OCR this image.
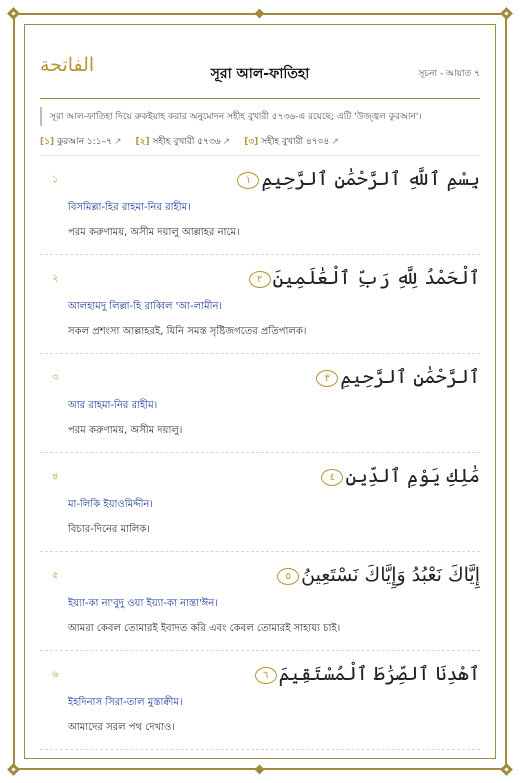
الفاتحة	সূরা আল-ফাতিহা	সূচনা - আয়াত ৭
সূরা আল-ফাতিহা দিয়ে রুকইয়াহ করার অনুমোদন সহীহ বুখারী ৫৭৩৬-এ রয়েছে; এটি 'উজ্জ্বল কুরআন'।
[১] কুরআন ১:১–৭ ↗ [২] সহীহ বুখারী ৫৭৩৬ ↗ [৩] সহীহ বুখারী ৪৭০৪ ↗
১	بِسْمِ ٱللَّهِ ٱلرَّحْمَٰنِ ٱلرَّحِيمِ١
বিসমিল্লা-হির রাহমা-নির রাহীম।
পরম করুণাময়, অসীম দয়ালু আল্লাহর নামে।
২	ٱلْحَمْدُ لِلَّهِ رَبِّ ٱلْعَٰلَمِينَ٢
আলহামদু লিল্লা-হি রাব্বিল 'আ-লামীন।
সকল প্রশংসা আল্লাহরই, যিনি সমস্ত সৃষ্টিজগতের প্রতিপালক।
৩	ٱلرَّحْمَٰنِ ٱلرَّحِيمِ٣
আর রাহমা-নির রাহীম।
পরম করুণাময়, অসীম দয়ালু।
৪	مَٰلِكِ يَوْمِ ٱلدِّينِ٤
মা-লিকি ইয়াওমিদ্দীন।
বিচার-দিনের মালিক।
৫	إِيَّاكَ نَعْبُدُ وَإِيَّاكَ نَسْتَعِينُ٥
ইয়্যা-কা না'বুদু ওয়া ইয়্যা-কা নাস্তা'ঈন।
আমরা কেবল তোমারই ইবাদত করি এবং কেবল তোমারই সাহায্য চাই।
৬	ٱهْدِنَا ٱلصِّرَٰطَ ٱلْمُسْتَقِيمَ٦
ইহদিনাস সিরা-তাল মুস্তাক্বীম।
আমাদের সরল পথ দেখাও।
